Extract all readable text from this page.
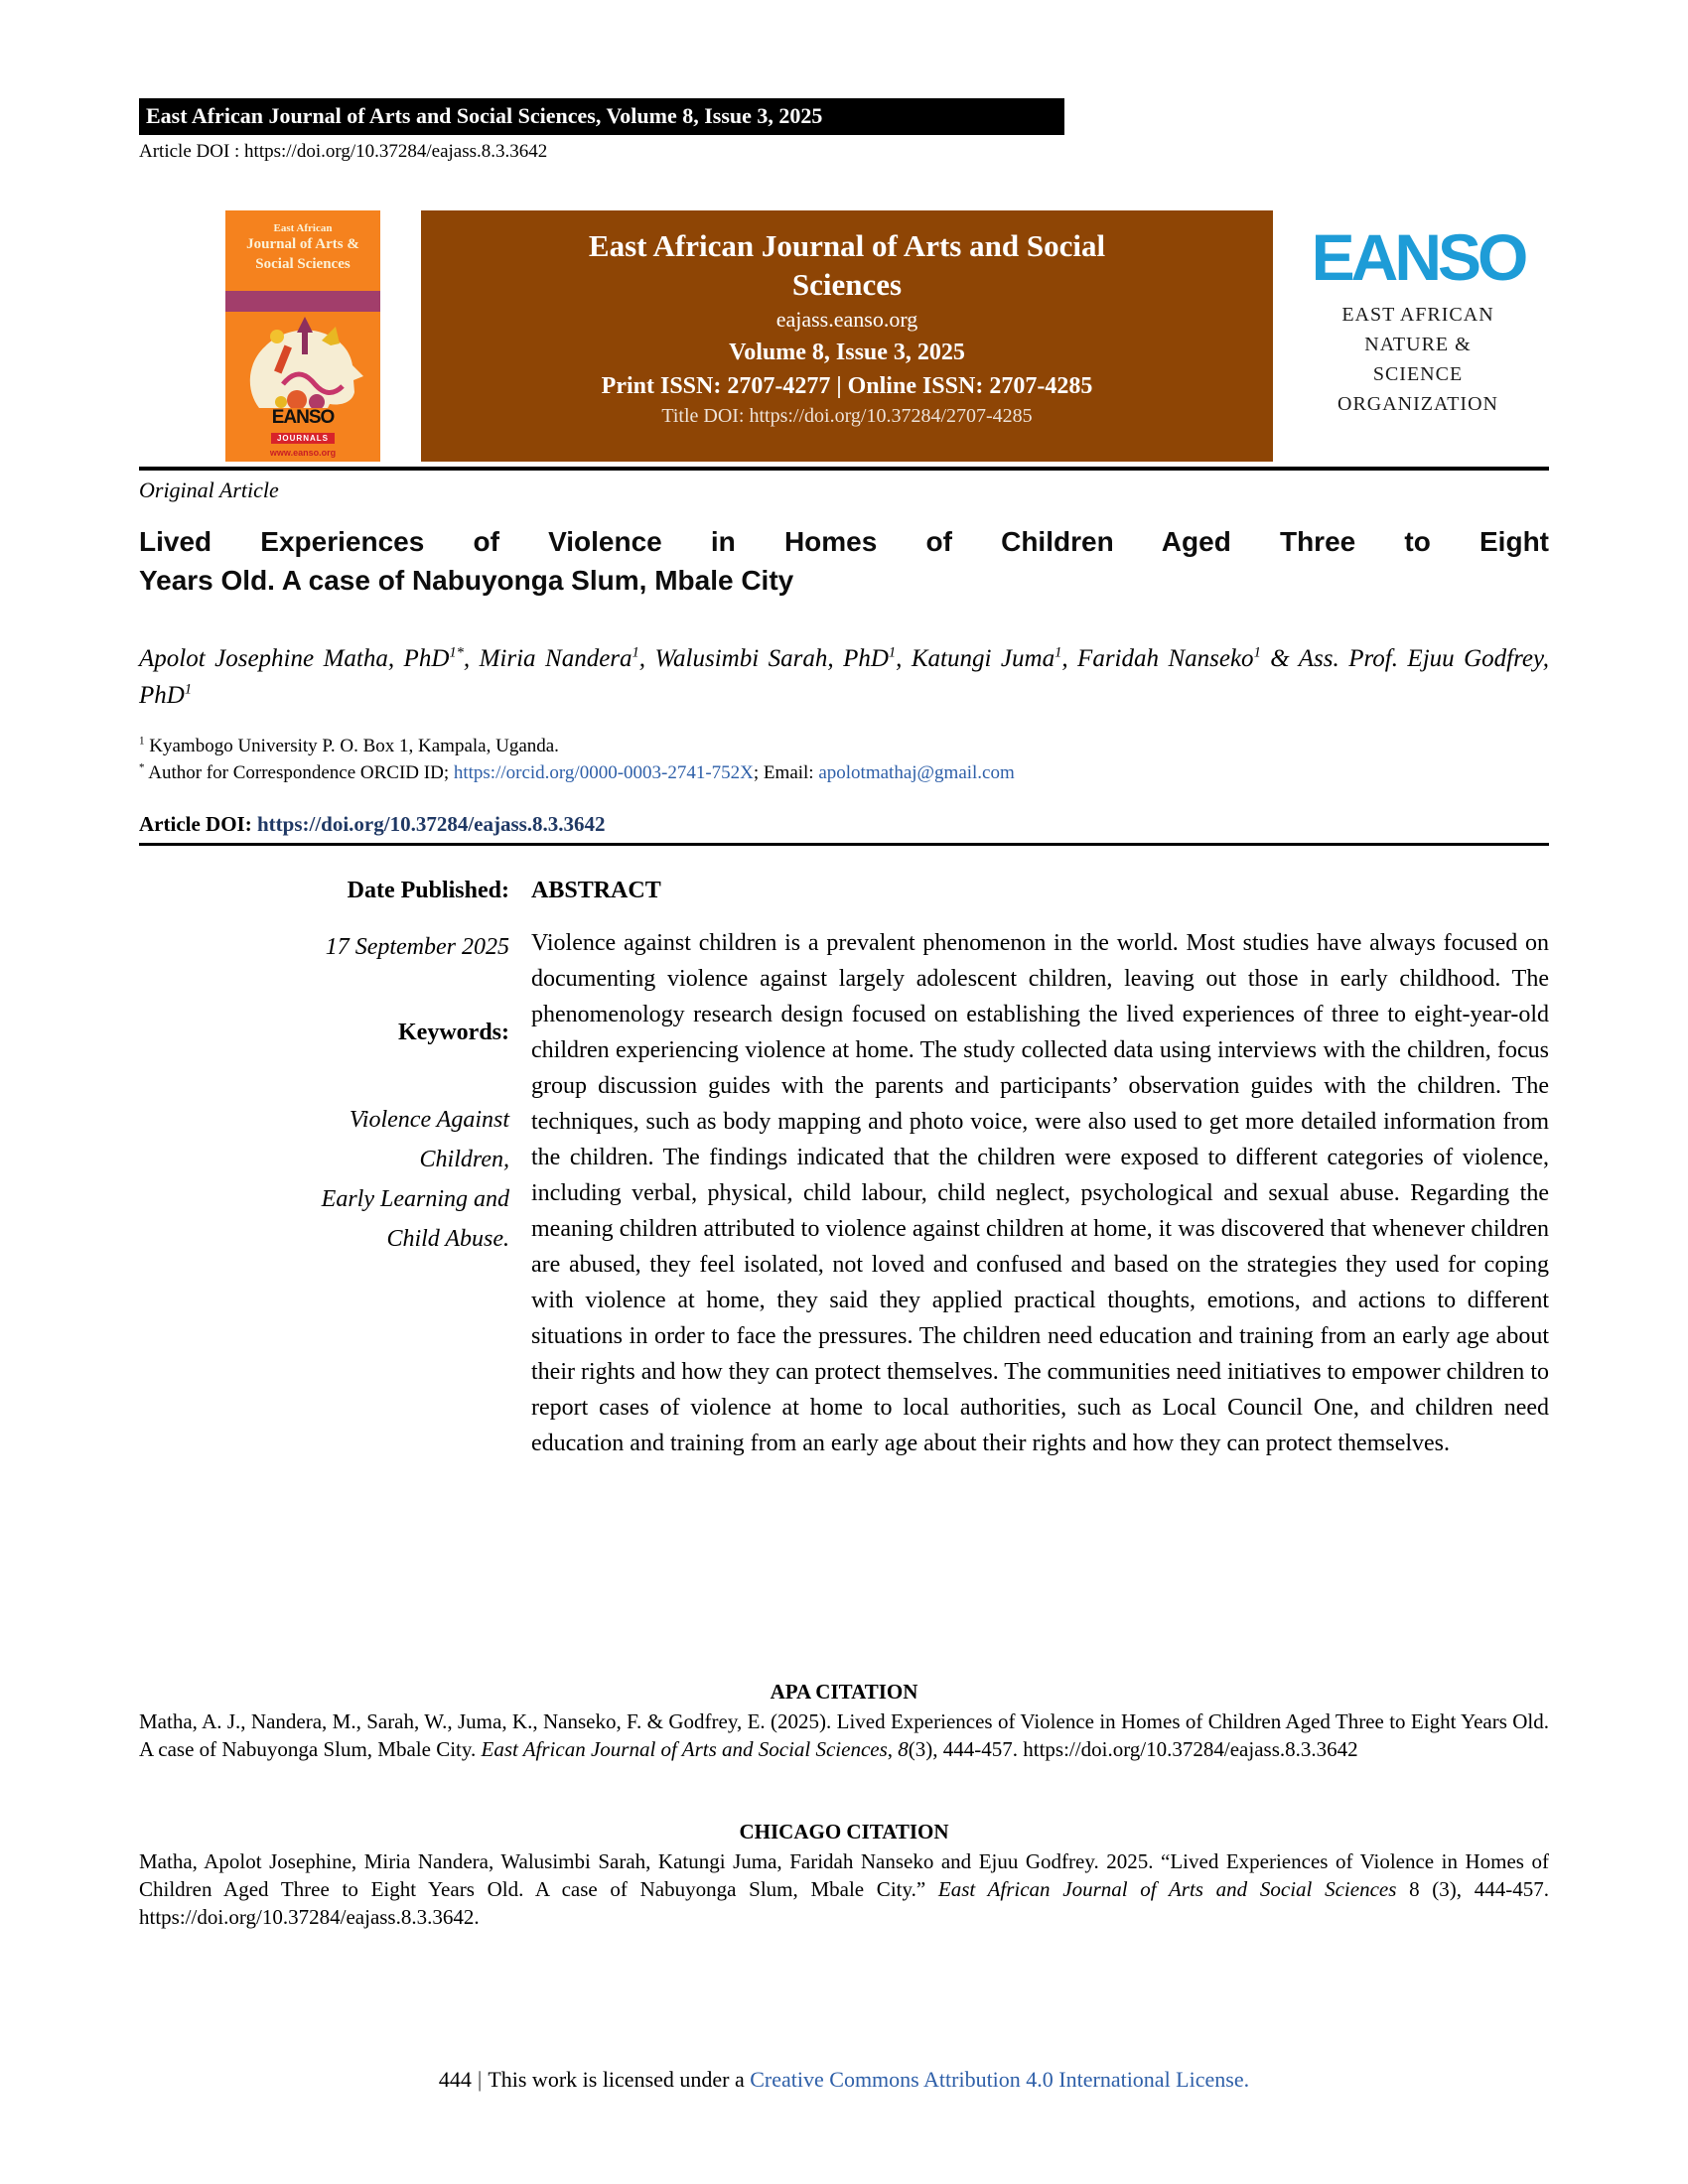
East African Journal of Arts and Social Sciences, Volume 8, Issue 3, 2025
Article DOI : https://doi.org/10.37284/eajass.8.3.3642
East African
Journal of Arts &
Social Sciences
EANSO
JOURNALS
www.eanso.org
East African Journal of Arts and Social
Sciences
eajass.eanso.org
Volume 8, Issue 3, 2025
Print ISSN: 2707-4277 | Online ISSN: 2707-4285
Title DOI: https://doi.org/10.37284/2707-4285
EANSO
EAST AFRICAN
NATURE &
SCIENCE
ORGANIZATION
Original Article
Lived Experiences of Violence in Homes of Children Aged Three to Eight
Years Old. A case of Nabuyonga Slum, Mbale City
Apolot Josephine Matha, PhD$^{1*}$, Miria Nandera$^1$, Walusimbi Sarah, PhD$^1$, Katungi Juma$^1$, Faridah Nanseko$^1$ & Ass. Prof. Ejuu Godfrey, PhD$^1$
$^1$ Kyambogo University P. O. Box 1, Kampala, Uganda.
* Author for Correspondence ORCID ID; https://orcid.org/0000-0003-2741-752X; Email: apolotmathaj@gmail.com
Article DOI: https://doi.org/10.37284/eajass.8.3.3642
Date Published:
17 September 2025
Keywords:
Violence Against
Children,
Early Learning and
Child Abuse.
ABSTRACT
Violence against children is a prevalent phenomenon in the world. Most studies have always focused on documenting violence against largely adolescent children, leaving out those in early childhood. The phenomenology research design focused on establishing the lived experiences of three to eight-year-old children experiencing violence at home. The study collected data using interviews with the children, focus group discussion guides with the parents and participants’ observation guides with the children. The techniques, such as body mapping and photo voice, were also used to get more detailed information from the children. The findings indicated that the children were exposed to different categories of violence, including verbal, physical, child labour, child neglect, psychological and sexual abuse. Regarding the meaning children attributed to violence against children at home, it was discovered that whenever children are abused, they feel isolated, not loved and confused and based on the strategies they used for coping with violence at home, they said they applied practical thoughts, emotions, and actions to different situations in order to face the pressures. The children need education and training from an early age about their rights and how they can protect themselves. The communities need initiatives to empower children to report cases of violence at home to local authorities, such as Local Council One, and children need education and training from an early age about their rights and how they can protect themselves.
APA CITATION
Matha, A. J., Nandera, M., Sarah, W., Juma, K., Nanseko, F. & Godfrey, E. (2025). Lived Experiences of Violence in Homes of Children Aged Three to Eight Years Old. A case of Nabuyonga Slum, Mbale City. East African Journal of Arts and Social Sciences, 8(3), 444-457. https://doi.org/10.37284/eajass.8.3.3642
CHICAGO CITATION
Matha, Apolot Josephine, Miria Nandera, Walusimbi Sarah, Katungi Juma, Faridah Nanseko and Ejuu Godfrey. 2025. “Lived Experiences of Violence in Homes of Children Aged Three to Eight Years Old. A case of Nabuyonga Slum, Mbale City.” East African Journal of Arts and Social Sciences 8 (3), 444-457. https://doi.org/10.37284/eajass.8.3.3642.
444 | This work is licensed under a Creative Commons Attribution 4.0 International License.
